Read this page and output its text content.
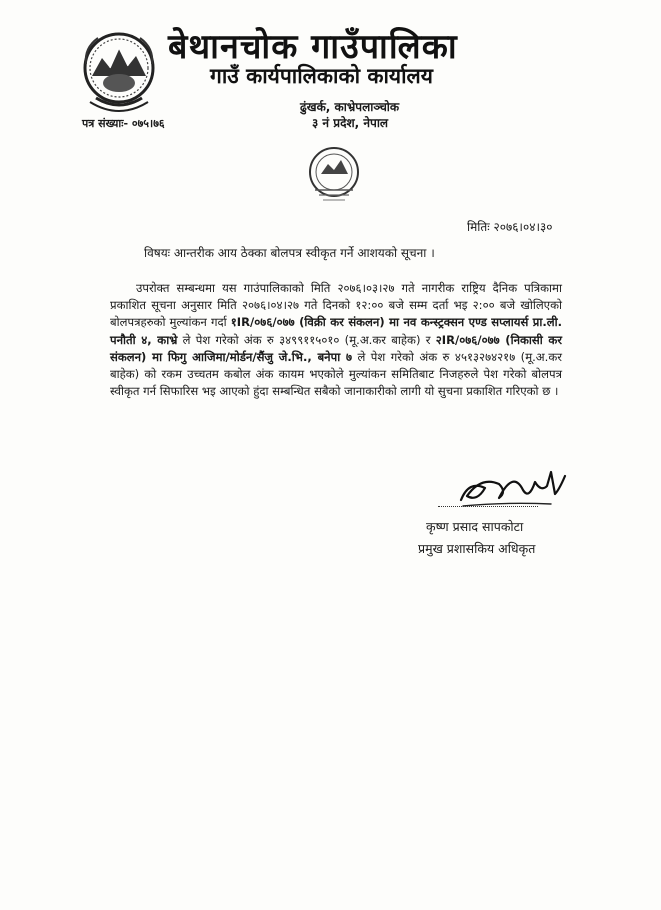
बेथानचोक गाउँपालिका
गाउँ कार्यपालिकाको कार्यालय
ढुंखर्क, काभ्रेपलाञ्चोक
३ नं प्रदेश, नेपाल
पत्र संख्याः- ०७५।७६
मितिः २०७६।०४।३०
विषयः आन्तरीक आय ठेक्का बोलपत्र स्वीकृत गर्ने आशयको सूचना ।

उपरोक्त सम्बन्धमा यस गाउंपालिकाको मिति २०७६।०३।२७ गते नागरीक राष्ट्रिय दैनिक पत्रिकामा प्रकाशित सूचना अनुसार मिति २०७६।०४।२७ गते दिनको १२:०० बजे सम्म दर्ता भइ २:०० बजे खोलिएको बोलपत्रहरुको मुल्यांकन गर्दा १IR/०७६/०७७ (विक्री कर संकलन) मा नव कन्स्ट्रक्सन एण्ड सप्लायर्स प्रा.ली. पनौती ४, काभ्रे ले पेश गरेको अंक रु ३४९९११५०१० (मू.अ.कर बाहेक) र २IR/०७६/०७७ (निकासी कर संकलन) मा फिगु आजिमा/मोर्डन/सैंजु जे.भि., बनेपा ७ ले पेश गरेको अंक रु ४५१३२७४२१७ (मू.अ.कर बाहेक) को रकम उच्चतम कबोल अंक कायम भएकोले मुल्यांकन समितिबाट निजहरुले पेश गरेको बोलपत्र स्वीकृत गर्न सिफारिस भइ आएको हुंदा सम्बन्धित सबैको जानाकारीको लागी यो सुचना प्रकाशित गरिएको छ ।

कृष्ण प्रसाद सापकोटा
प्रमुख प्रशासकिय अधिकृत
